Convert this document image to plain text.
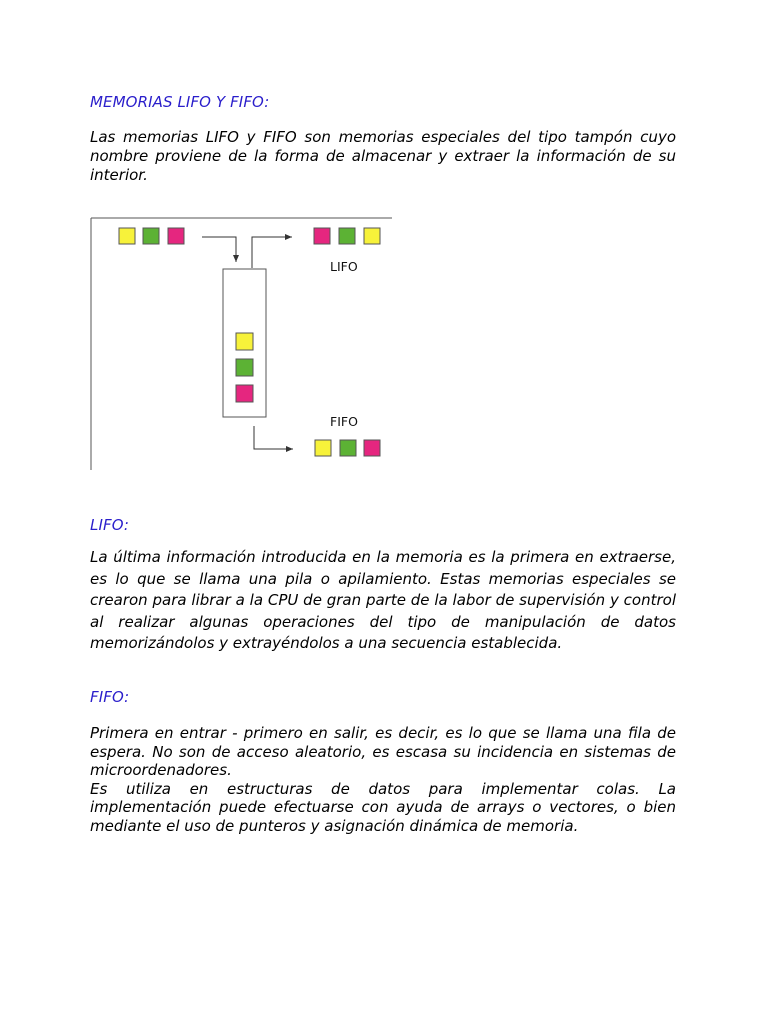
MEMORIAS LIFO Y FIFO:

Las memorias LIFO y FIFO son memorias especiales del tipo tampón cuyo nombre proviene de la forma de almacenar y extraer la información de su interior.

LIFO
FIFO
LIFO:

La última información introducida en la memoria es la primera en extraerse, es lo que se llama una pila o apilamiento. Estas memorias especiales se crearon para librar a la CPU de gran parte de la labor de supervisión y control al realizar algunas operaciones del tipo de manipulación de datos memorizándolos y extrayéndolos a una secuencia establecida.

FIFO:

Primera en entrar - primero en salir, es decir, es lo que se llama una fila de espera. No son de acceso aleatorio, es escasa su incidencia en sistemas de microordenadores.
Es utiliza en estructuras de datos para implementar colas. La implementación puede efectuarse con ayuda de arrays o vectores, o bien mediante el uso de punteros y asignación dinámica de memoria.
